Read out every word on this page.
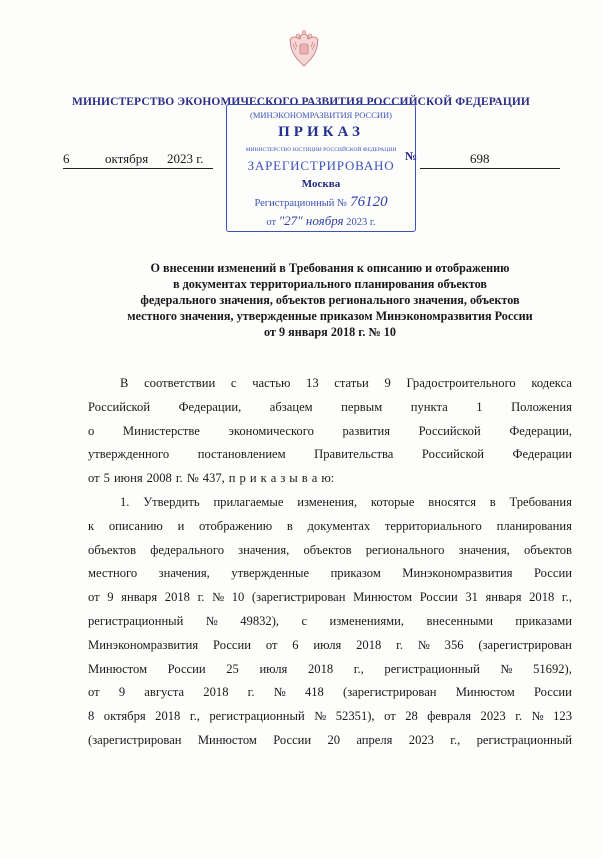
МИНИСТЕРСТВО ЭКОНОМИЧЕСКОГО РАЗВИТИЯ РОССИЙСКОЙ ФЕДЕРАЦИИ
(МИНЭКОНОМРАЗВИТИЯ РОССИИ)
ПРИКАЗ
МИНИСТЕРСТВО ЮСТИЦИИ РОССИЙСКОЙ ФЕДЕРАЦИИ
ЗАРЕГИСТРИРОВАНО
Москва
Регистрационный № 76120
от "27" ноября 2023 г.
6	октября 2023 г.	№	698
О внесении изменений в Требования к описанию и отображению
в документах территориального планирования объектов
федерального значения, объектов регионального значения, объектов
местного значения, утвержденные приказом Минэкономразвития России
от 9 января 2018 г. № 10
В соответствии с частью 13 статьи 9 Градостроительного кодекса
Российской Федерации, абзацем первым пункта 1 Положения
о Министерстве экономического развития Российской Федерации,
утвержденного постановлением Правительства Российской Федерации
от 5 июня 2008 г. № 437, п р и к а з ы в а ю:
1. Утвердить прилагаемые изменения, которые вносятся в Требования
к описанию и отображению в документах территориального планирования
объектов федерального значения, объектов регионального значения, объектов
местного значения, утвержденные приказом Минэкономразвития России
от 9 января 2018 г. № 10 (зарегистрирован Минюстом России 31 января 2018 г.,
регистрационный № 49832), с изменениями, внесенными приказами
Минэкономразвития России от 6 июля 2018 г. № 356 (зарегистрирован
Минюстом России 25 июля 2018 г., регистрационный № 51692),
от 9 августа 2018 г. № 418 (зарегистрирован Минюстом России
8 октября 2018 г., регистрационный № 52351), от 28 февраля 2023 г. № 123
(зарегистрирован Минюстом России 20 апреля 2023 г., регистрационный
